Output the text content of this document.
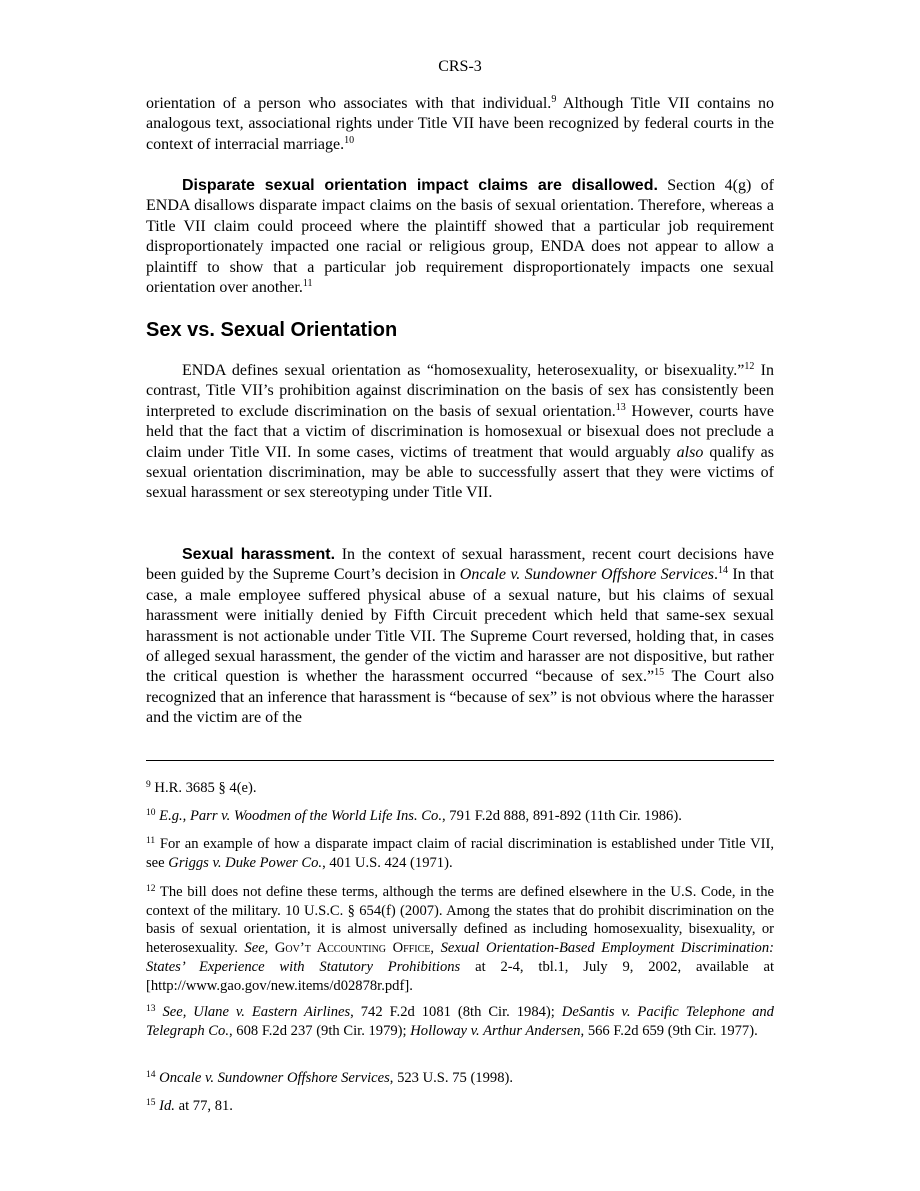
CRS-3

orientation of a person who associates with that individual.$^9$ Although Title VII contains no analogous text, associational rights under Title VII have been recognized by federal courts in the context of interracial marriage.$^{10}$

Disparate sexual orientation impact claims are disallowed. Section 4(g) of ENDA disallows disparate impact claims on the basis of sexual orientation. Therefore, whereas a Title VII claim could proceed where the plaintiff showed that a particular job requirement disproportionately impacted one racial or religious group, ENDA does not appear to allow a plaintiff to show that a particular job requirement disproportionately impacts one sexual orientation over another.$^{11}$

Sex vs. Sexual Orientation

ENDA defines sexual orientation as “homosexuality, heterosexuality, or bisexuality.”$^{12}$ In contrast, Title VII’s prohibition against discrimination on the basis of sex has consistently been interpreted to exclude discrimination on the basis of sexual orientation.$^{13}$ However, courts have held that the fact that a victim of discrimination is homosexual or bisexual does not preclude a claim under Title VII. In some cases, victims of treatment that would arguably also qualify as sexual orientation discrimination, may be able to successfully assert that they were victims of sexual harassment or sex stereotyping under Title VII.

Sexual harassment. In the context of sexual harassment, recent court decisions have been guided by the Supreme Court’s decision in Oncale v. Sundowner Offshore Services.$^{14}$ In that case, a male employee suffered physical abuse of a sexual nature, but his claims of sexual harassment were initially denied by Fifth Circuit precedent which held that same-sex sexual harassment is not actionable under Title VII. The Supreme Court reversed, holding that, in cases of alleged sexual harassment, the gender of the victim and harasser are not dispositive, but rather the critical question is whether the harassment occurred “because of sex.”$^{15}$ The Court also recognized that an inference that harassment is “because of sex” is not obvious where the harasser and the victim are of the

$^9$ H.R. 3685 § 4(e).

$^{10}$ E.g., Parr v. Woodmen of the World Life Ins. Co., 791 F.2d 888, 891-892 (11th Cir. 1986).

$^{11}$ For an example of how a disparate impact claim of racial discrimination is established under Title VII, see Griggs v. Duke Power Co., 401 U.S. 424 (1971).

$^{12}$ The bill does not define these terms, although the terms are defined elsewhere in the U.S. Code, in the context of the military. 10 U.S.C. § 654(f) (2007). Among the states that do prohibit discrimination on the basis of sexual orientation, it is almost universally defined as including homosexuality, bisexuality, or heterosexuality. See, Gov’t Accounting Office, Sexual Orientation-Based Employment Discrimination: States’ Experience with Statutory Prohibitions at 2-4, tbl.1, July 9, 2002, available at [http://www.gao.gov/new.items/d02878r.pdf].

$^{13}$ See, Ulane v. Eastern Airlines, 742 F.2d 1081 (8th Cir. 1984); DeSantis v. Pacific Telephone and Telegraph Co., 608 F.2d 237 (9th Cir. 1979); Holloway v. Arthur Andersen, 566 F.2d 659 (9th Cir. 1977).

$^{14}$ Oncale v. Sundowner Offshore Services, 523 U.S. 75 (1998).

$^{15}$ Id. at 77, 81.
